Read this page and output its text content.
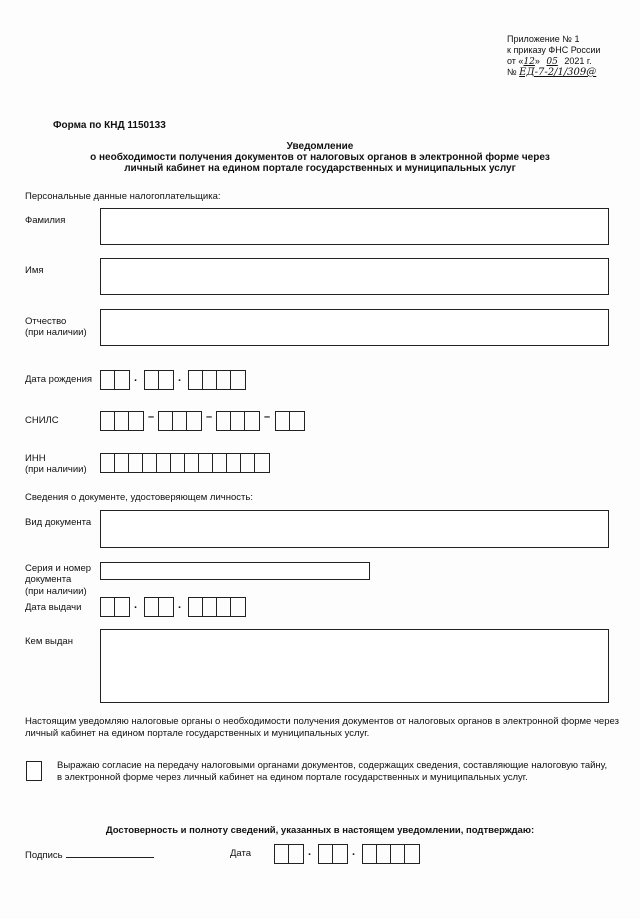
Приложение № 1
к приказу ФНС России
от «12» 05 2021 г.
№ ЕД-7-2/1/309@
Форма по КНД 1150133
Уведомление
о необходимости получения документов от налоговых органов в электронной форме через
личный кабинет на едином портале государственных и муниципальных услуг
Персональные данные налогоплательщика:
Фамилия
Имя
Отчество
(при наличии)
Дата рождения	.	.
СНИЛС	–	–	–
ИНН
(при наличии)
Сведения о документе, удостоверяющем личность:
Вид документа
Серия и номер
документа
(при наличии)
Дата выдачи	.	.
Кем выдан
Настоящим уведомляю налоговые органы о необходимости получения документов от налоговых органов в электронной форме через
личный кабинет на едином портале государственных и муниципальных услуг.
Выражаю согласие на передачу налоговыми органами документов, содержащих сведения, составляющие налоговую тайну,
в электронной форме через личный кабинет на едином портале государственных и муниципальных услуг.
Достоверность и полноту сведений, указанных в настоящем уведомлении, подтверждаю:
Подпись	Дата	.	.
